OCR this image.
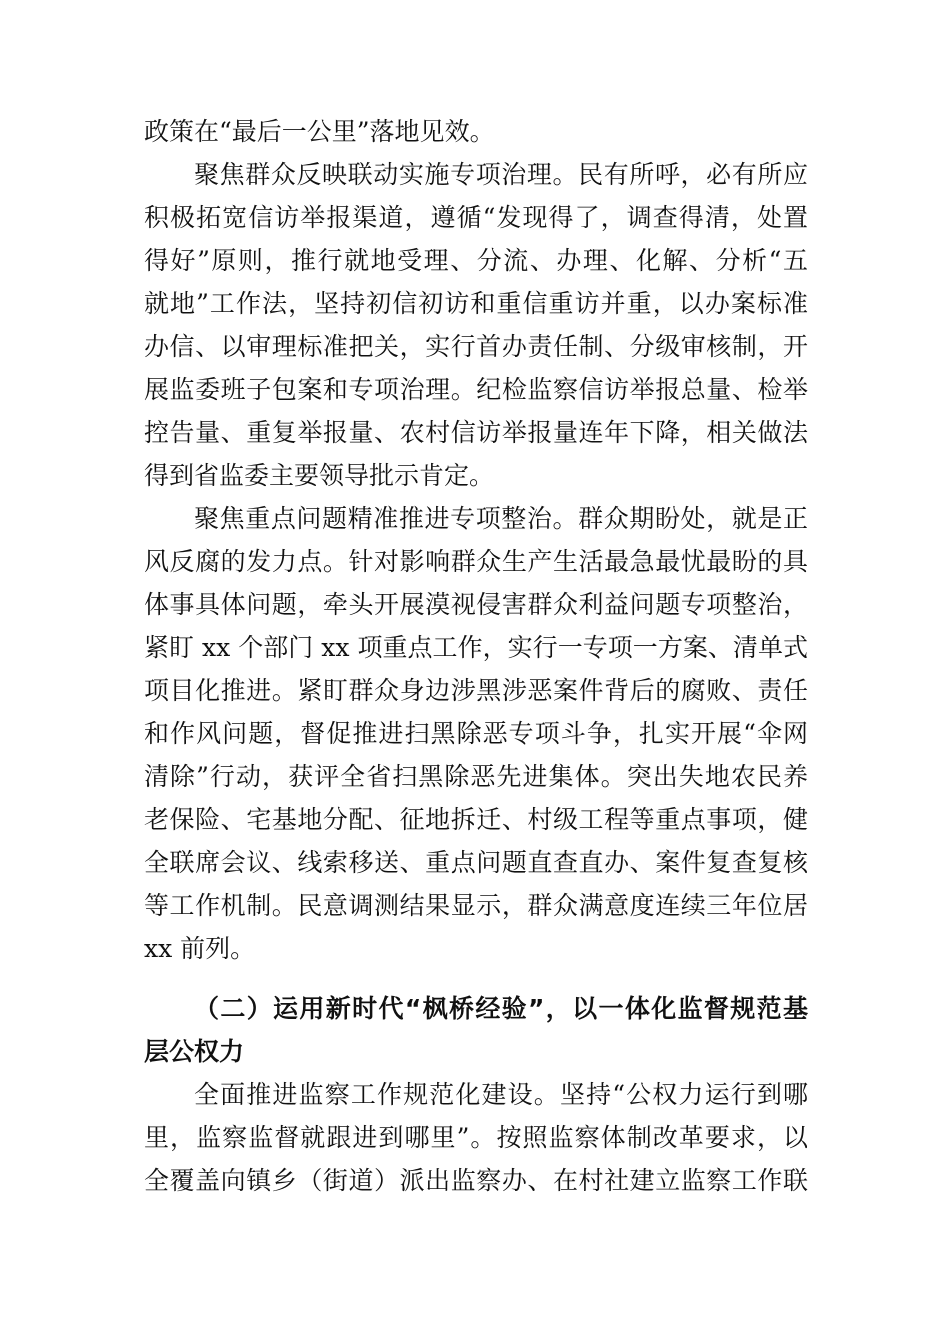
政策在“最后一公里”落地见效。
聚焦群众反映联动实施专项治理。民有所呼，必有所应
积极拓宽信访举报渠道，遵循“发现得了，调查得清，处置
得好”原则，推行就地受理、分流、办理、化解、分析“五
就地”工作法，坚持初信初访和重信重访并重，以办案标准
办信、以审理标准把关，实行首办责任制、分级审核制，开
展监委班子包案和专项治理。纪检监察信访举报总量、检举
控告量、重复举报量、农村信访举报量连年下降，相关做法
得到省监委主要领导批示肯定。
聚焦重点问题精准推进专项整治。群众期盼处，就是正
风反腐的发力点。针对影响群众生产生活最急最忧最盼的具
体事具体问题，牵头开展漠视侵害群众利益问题专项整治，
紧盯 xx 个部门 xx 项重点工作，实行一专项一方案、清单式
项目化推进。紧盯群众身边涉黑涉恶案件背后的腐败、责任
和作风问题，督促推进扫黑除恶专项斗争，扎实开展“伞网
清除”行动，获评全省扫黑除恶先进集体。突出失地农民养
老保险、宅基地分配、征地拆迁、村级工程等重点事项，健
全联席会议、线索移送、重点问题直查直办、案件复查复核
等工作机制。民意调测结果显示，群众满意度连续三年位居
xx 前列。
（二）运用新时代“枫桥经验”，以一体化监督规范基
层公权力
全面推进监察工作规范化建设。坚持“公权力运行到哪
里，监察监督就跟进到哪里”。按照监察体制改革要求，以
全覆盖向镇乡（街道）派出监察办、在村社建立监察工作联
